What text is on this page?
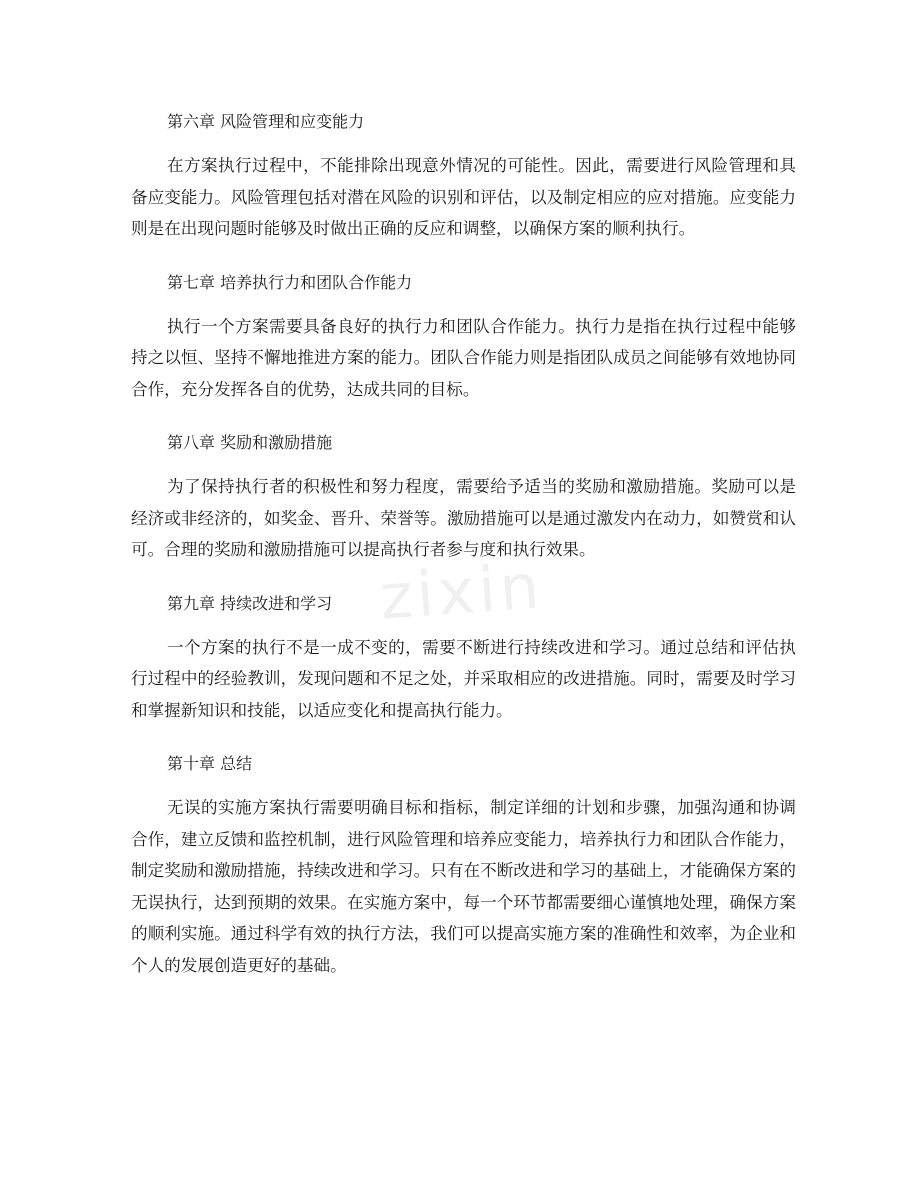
第六章 风险管理和应变能力

在方案执行过程中，不能排除出现意外情况的可能性。因此，需要进行风险管理和具备应变能力。风险管理包括对潜在风险的识别和评估，以及制定相应的应对措施。应变能力则是在出现问题时能够及时做出正确的反应和调整，以确保方案的顺利执行。

第七章 培养执行力和团队合作能力

执行一个方案需要具备良好的执行力和团队合作能力。执行力是指在执行过程中能够持之以恒、坚持不懈地推进方案的能力。团队合作能力则是指团队成员之间能够有效地协同合作，充分发挥各自的优势，达成共同的目标。

第八章 奖励和激励措施

为了保持执行者的积极性和努力程度，需要给予适当的奖励和激励措施。奖励可以是经济或非经济的，如奖金、晋升、荣誉等。激励措施可以是通过激发内在动力，如赞赏和认可。合理的奖励和激励措施可以提高执行者参与度和执行效果。

第九章 持续改进和学习

一个方案的执行不是一成不变的，需要不断进行持续改进和学习。通过总结和评估执行过程中的经验教训，发现问题和不足之处，并采取相应的改进措施。同时，需要及时学习和掌握新知识和技能，以适应变化和提高执行能力。

第十章 总结

无误的实施方案执行需要明确目标和指标，制定详细的计划和步骤，加强沟通和协调合作，建立反馈和监控机制，进行风险管理和培养应变能力，培养执行力和团队合作能力，制定奖励和激励措施，持续改进和学习。只有在不断改进和学习的基础上，才能确保方案的无误执行，达到预期的效果。在实施方案中，每一个环节都需要细心谨慎地处理，确保方案的顺利实施。通过科学有效的执行方法，我们可以提高实施方案的准确性和效率，为企业和个人的发展创造更好的基础。

zixin
